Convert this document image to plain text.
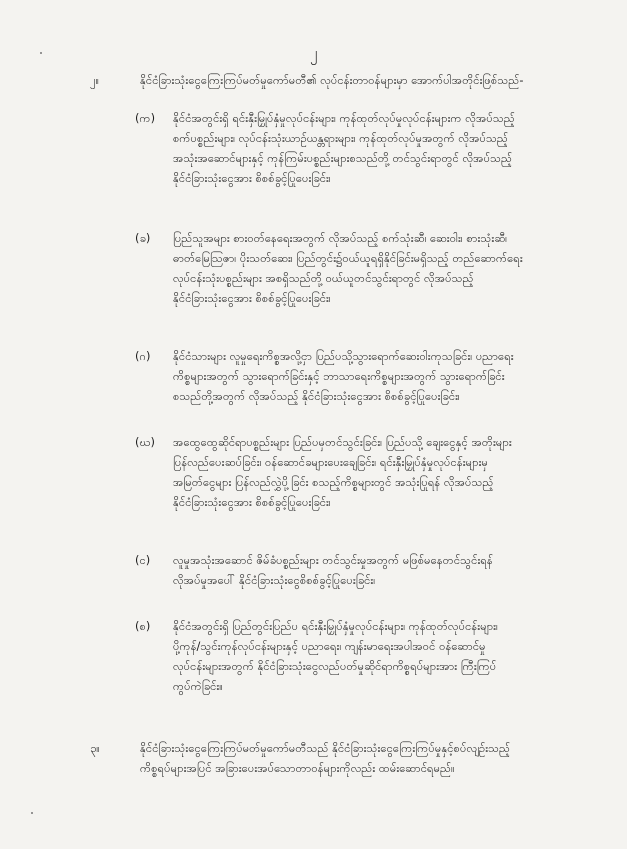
၂
၂။	နိုင်ငံခြားသုံးငွေကြေးကြပ်မတ်မှုကော်မတီ၏ လုပ်ငန်းတာဝန်များမှာ အောက်ပါအတိုင်းဖြစ်သည်-
(က) နိုင်ငံအတွင်းရှိ ရင်းနှီးမြှုပ်နှံမှုလုပ်ငန်းများ၊ ကုန်ထုတ်လုပ်မှုလုပ်ငန်းများက လိုအပ်သည့်
စက်ပစ္စည်းများ၊ လုပ်ငန်းသုံးယာဉ်ယန္တရားများ၊ ကုန်ထုတ်လုပ်မှုအတွက် လိုအပ်သည့်
အသုံးအဆောင်များနှင့် ကုန်ကြမ်းပစ္စည်းများစသည်တို့ တင်သွင်းရာတွင် လိုအပ်သည့်
နိုင်ငံခြားသုံးငွေအား စိစစ်ခွင့်ပြုပေးခြင်း၊
(ခ) ပြည်သူအများ စားဝတ်နေရေးအတွက် လိုအပ်သည့် စက်သုံးဆီ၊ ဆေးဝါး၊ စားသုံးဆီ၊
ဓာတ်မြေဩဇာ၊ ပိုးသတ်ဆေး၊ ပြည်တွင်း၌ဝယ်ယူရရှိနိုင်ခြင်းမရှိသည့် တည်ဆောက်ရေး
လုပ်ငန်းသုံးပစ္စည်းများ အစရှိသည်တို့ ဝယ်ယူတင်သွင်းရာတွင် လိုအပ်သည့်
နိုင်ငံခြားသုံးငွေအား စိစစ်ခွင့်ပြုပေးခြင်း၊
(ဂ) နိုင်ငံသားများ လူမှုရေးကိစ္စအလို့ငှာ ပြည်ပသို့သွားရောက်ဆေးဝါးကုသခြင်း၊ ပညာရေး
ကိစ္စများအတွက် သွားရောက်ခြင်းနှင့် ဘာသာရေးကိစ္စများအတွက် သွားရောက်ခြင်း
စသည်တို့အတွက် လိုအပ်သည့် နိုင်ငံခြားသုံးငွေအား စိစစ်ခွင့်ပြုပေးခြင်း၊
(ဃ) အထွေထွေဆိုင်ရာပစ္စည်းများ ပြည်ပမှတင်သွင်းခြင်း၊ ပြည်ပသို့ ချေးငွေနှင့် အတိုးများ
ပြန်လည်ပေးဆပ်ခြင်း၊ ဝန်ဆောင်ခများပေးချေခြင်း၊ ရင်းနှီးမြှုပ်နှံမှုလုပ်ငန်းများမှ
အမြတ်ငွေများ ပြန်လည်လွှဲပို့ခြင်း စသည့်ကိစ္စများတွင် အသုံးပြုရန် လိုအပ်သည့်
နိုင်ငံခြားသုံးငွေအား စိစစ်ခွင့်ပြုပေးခြင်း၊
(င) လူမှုအသုံးအဆောင် ဇိမ်ခံပစ္စည်းများ တင်သွင်းမှုအတွက် မဖြစ်မနေတင်သွင်းရန်
လိုအပ်မှုအပေါ် နိုင်ငံခြားသုံးငွေစိစစ်ခွင့်ပြုပေးခြင်း၊
(စ) နိုင်ငံအတွင်းရှိ ပြည်တွင်းပြည်ပ ရင်းနှီးမြှုပ်နှံမှုလုပ်ငန်းများ၊ ကုန်ထုတ်လုပ်ငန်းများ၊
ပို့ကုန်/သွင်းကုန်လုပ်ငန်းများနှင့် ပညာရေး၊ ကျန်းမာရေးအပါအဝင် ဝန်ဆောင်မှု
လုပ်ငန်းများအတွက် နိုင်ငံခြားသုံးငွေလည်ပတ်မှုဆိုင်ရာကိစ္စရပ်များအား ကြီးကြပ်
ကွပ်ကဲခြင်း။
၃။	နိုင်ငံခြားသုံးငွေကြေးကြပ်မတ်မှုကော်မတီသည် နိုင်ငံခြားသုံးငွေကြေးကြပ်မှုနှင့်စပ်လျဉ်းသည့်
ကိစ္စရပ်များအပြင် အခြားပေးအပ်သောတာဝန်များကိုလည်း ထမ်းဆောင်ရမည်။
